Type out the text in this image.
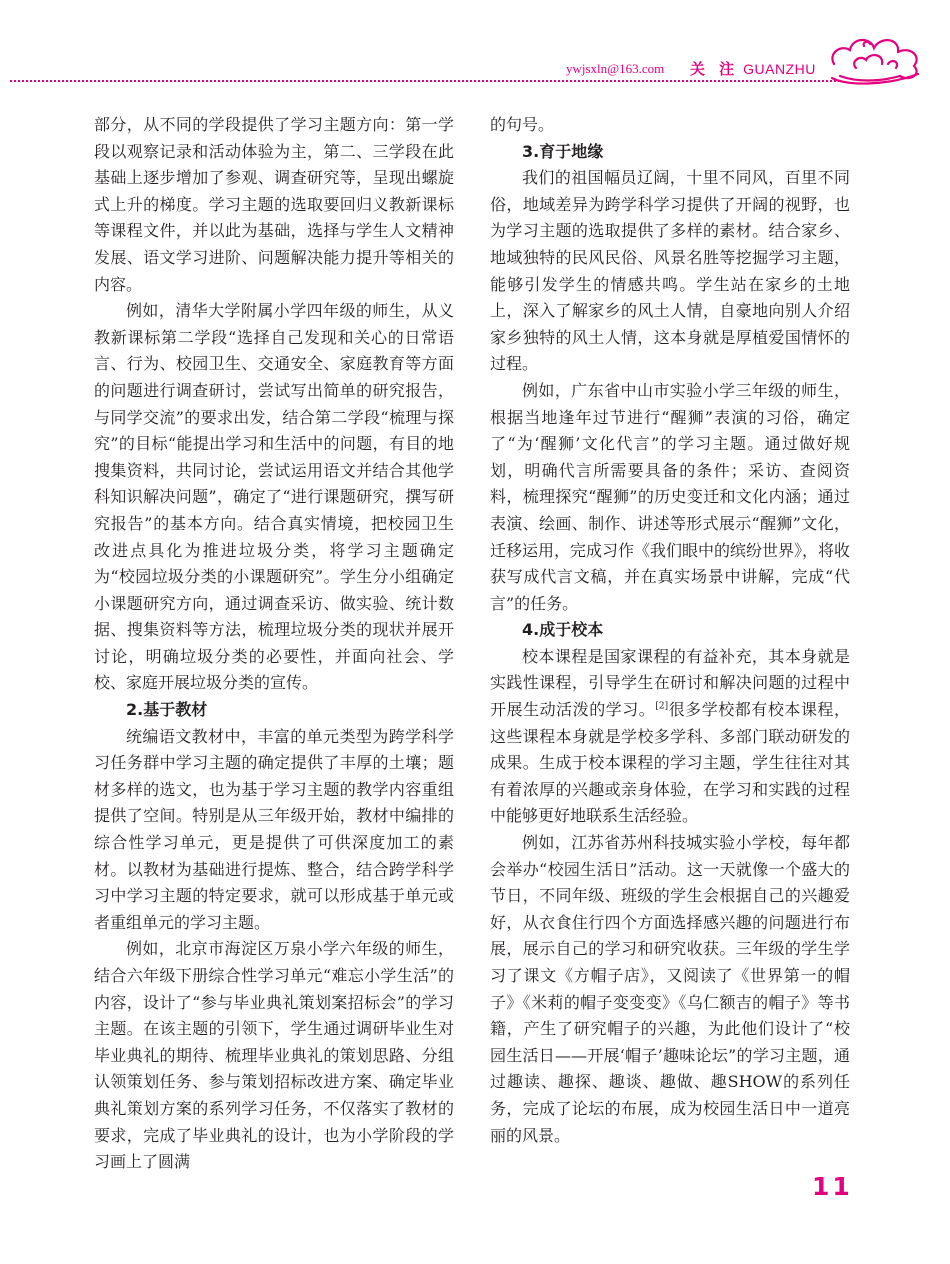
ywjsxln@163.com 关 注 GUANZHU

部分，从不同的学段提供了学习主题方向：第一学段以观察记录和活动体验为主，第二、三学段在此基础上逐步增加了参观、调查研究等，呈现出螺旋式上升的梯度。学习主题的选取要回归义教新课标等课程文件，并以此为基础，选择与学生人文精神发展、语文学习进阶、问题解决能力提升等相关的内容。

例如，清华大学附属小学四年级的师生，从义教新课标第二学段“选择自己发现和关心的日常语言、行为、校园卫生、交通安全、家庭教育等方面的问题进行调查研讨，尝试写出简单的研究报告，与同学交流”的要求出发，结合第二学段“梳理与探究”的目标“能提出学习和生活中的问题，有目的地搜集资料，共同讨论，尝试运用语文并结合其他学科知识解决问题”，确定了“进行课题研究，撰写研究报告”的基本方向。结合真实情境，把校园卫生改进点具化为推进垃圾分类，将学习主题确定为“校园垃圾分类的小课题研究”。学生分小组确定小课题研究方向，通过调查采访、做实验、统计数据、搜集资料等方法，梳理垃圾分类的现状并展开讨论，明确垃圾分类的必要性，并面向社会、学校、家庭开展垃圾分类的宣传。

2.基于教材

统编语文教材中，丰富的单元类型为跨学科学习任务群中学习主题的确定提供了丰厚的土壤；题材多样的选文，也为基于学习主题的教学内容重组提供了空间。特别是从三年级开始，教材中编排的综合性学习单元，更是提供了可供深度加工的素材。以教材为基础进行提炼、整合，结合跨学科学习中学习主题的特定要求，就可以形成基于单元或者重组单元的学习主题。

例如，北京市海淀区万泉小学六年级的师生，结合六年级下册综合性学习单元“难忘小学生活”的内容，设计了“参与毕业典礼策划案招标会”的学习主题。在该主题的引领下，学生通过调研毕业生对毕业典礼的期待、梳理毕业典礼的策划思路、分组认领策划任务、参与策划招标改进方案、确定毕业典礼策划方案的系列学习任务，不仅落实了教材的要求，完成了毕业典礼的设计，也为小学阶段的学习画上了圆满

的句号。

3.育于地缘

我们的祖国幅员辽阔，十里不同风，百里不同俗，地域差异为跨学科学习提供了开阔的视野，也为学习主题的选取提供了多样的素材。结合家乡、地域独特的民风民俗、风景名胜等挖掘学习主题，能够引发学生的情感共鸣。学生站在家乡的土地上，深入了解家乡的风土人情，自豪地向别人介绍家乡独特的风土人情，这本身就是厚植爱国情怀的过程。

例如，广东省中山市实验小学三年级的师生，根据当地逢年过节进行“醒狮”表演的习俗，确定了“为‘醒狮’文化代言”的学习主题。通过做好规划，明确代言所需要具备的条件；采访、查阅资料，梳理探究“醒狮”的历史变迁和文化内涵；通过表演、绘画、制作、讲述等形式展示“醒狮”文化，迁移运用，完成习作《我们眼中的缤纷世界》，将收获写成代言文稿，并在真实场景中讲解，完成“代言”的任务。

4.成于校本

校本课程是国家课程的有益补充，其本身就是实践性课程，引导学生在研讨和解决问题的过程中开展生动活泼的学习。[2]很多学校都有校本课程，这些课程本身就是学校多学科、多部门联动研发的成果。生成于校本课程的学习主题，学生往往对其有着浓厚的兴趣或亲身体验，在学习和实践的过程中能够更好地联系生活经验。

例如，江苏省苏州科技城实验小学校，每年都会举办“校园生活日”活动。这一天就像一个盛大的节日，不同年级、班级的学生会根据自己的兴趣爱好，从衣食住行四个方面选择感兴趣的问题进行布展，展示自己的学习和研究收获。三年级的学生学习了课文《方帽子店》，又阅读了《世界第一的帽子》《米莉的帽子变变变》《乌仁额吉的帽子》等书籍，产生了研究帽子的兴趣，为此他们设计了“校园生活日——开展‘帽子’趣味论坛”的学习主题，通过趣读、趣探、趣谈、趣做、趣SHOW的系列任务，完成了论坛的布展，成为校园生活日中一道亮丽的风景。

11
